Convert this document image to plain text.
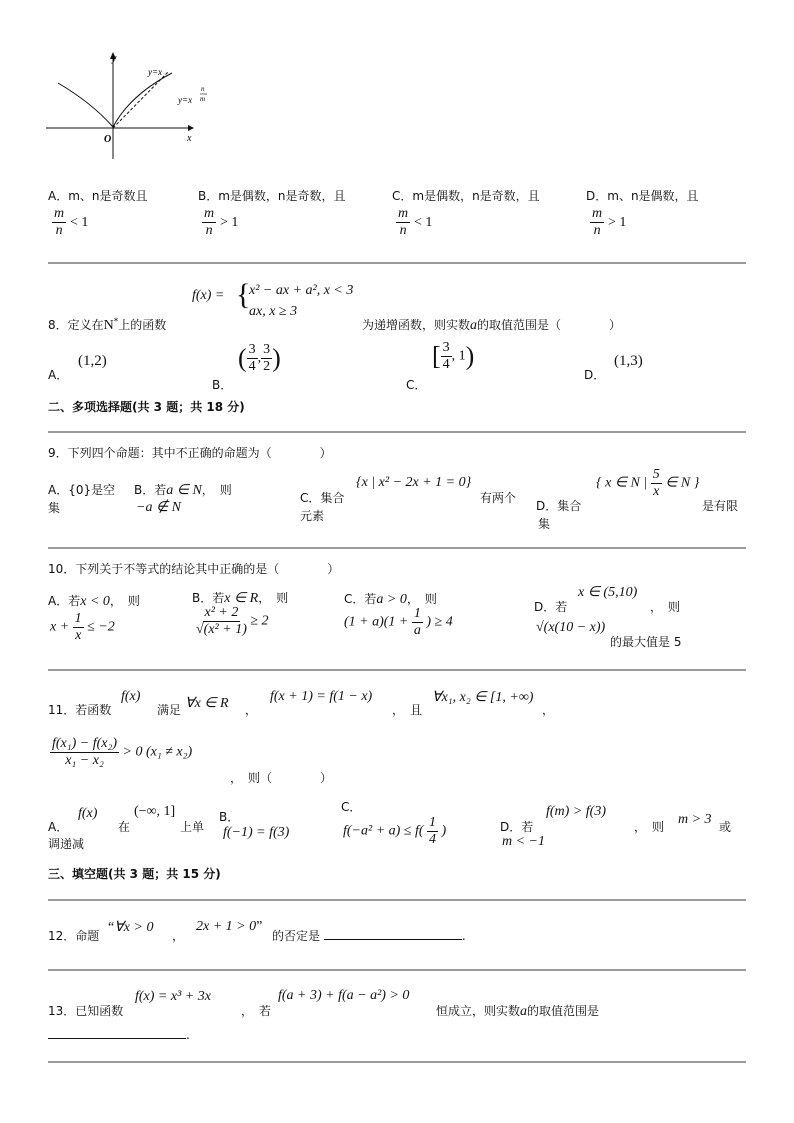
y
x
O
y=x
y=x
n
m
A．m、n是奇数且
$\frac{m}{n} < 1$
B．m是偶数，n是奇数，且
$\frac{m}{n} > 1$
C．m是偶数，n是奇数，且
$\frac{m}{n} < 1$
D．m、n是偶数，且
$\frac{m}{n} > 1$
f(x) = {
x² − ax + a², x < 3
ax, x ≥ 3
8．定义在N*上的函数	为递增函数，则实数a的取值范围是（　　　　）
A．
(1,2)
B．
( $\frac{3}{4}$ , $\frac{3}{2}$ )
C．
[ $\frac{3}{4}$ , 1)
D．
(1,3)
二、多项选择题(共 3 题；共 18 分)
9．下列四个命题：其中不正确的命题为（　　　　）
A．{0}是空
集
B．若a ∈ N，　则
−a ∉ N
C．集合
{x | x² − 2x + 1 = 0}
有两个
元素
D．集合
{ x ∈ N | $\frac{5}{x}$ ∈ N }
是有限
集
10．下列关于不等式的结论其中正确的是（　　　　）
A．若x < 0，　则
$x + \frac{1}{x} \le -2$
B．若x ∈ R，　则
$\frac{\text{x² + 2}}{\text{√(x² + 1)}} \ge 2$
C．若a > 0，　则
$(1 + a)(1 + \frac{1}{a}$ ) ≥ 4
D．若
x ∈ (5,10)
，　则
√(x(10 − x))
的最大值是 5
11．若函数
f(x)
满足 ∀x ∈ R ，
f(x + 1) = f(1 − x)
，　且
∀x₁, x₂ ∈ [1, +∞)
，
$\frac{\text{f(x₁) − f(x₂)}}{\text{x₁ − x₂}} > 0$ (x₁ ≠ x₂)
，　则（　　　　）
A．
f(x)
在
(−∞, 1]
上单
调递减
B．
f(−1) = f(3)
C．
$f(-a^2 + a) \le f( \frac{1}{4}$ )	D．若
f(m) > f(3)
，　则 m > 3 或
m < −1
三、填空题(共 3 题；共 15 分)
12．命题
“∀x > 0
，
2x + 1 > 0”
的否定是	.
13．已知函数
f(x) = x³ + 3x
，　若
f(a + 3) + f(a − a²) > 0
恒成立，则实数a的取值范围是
.
